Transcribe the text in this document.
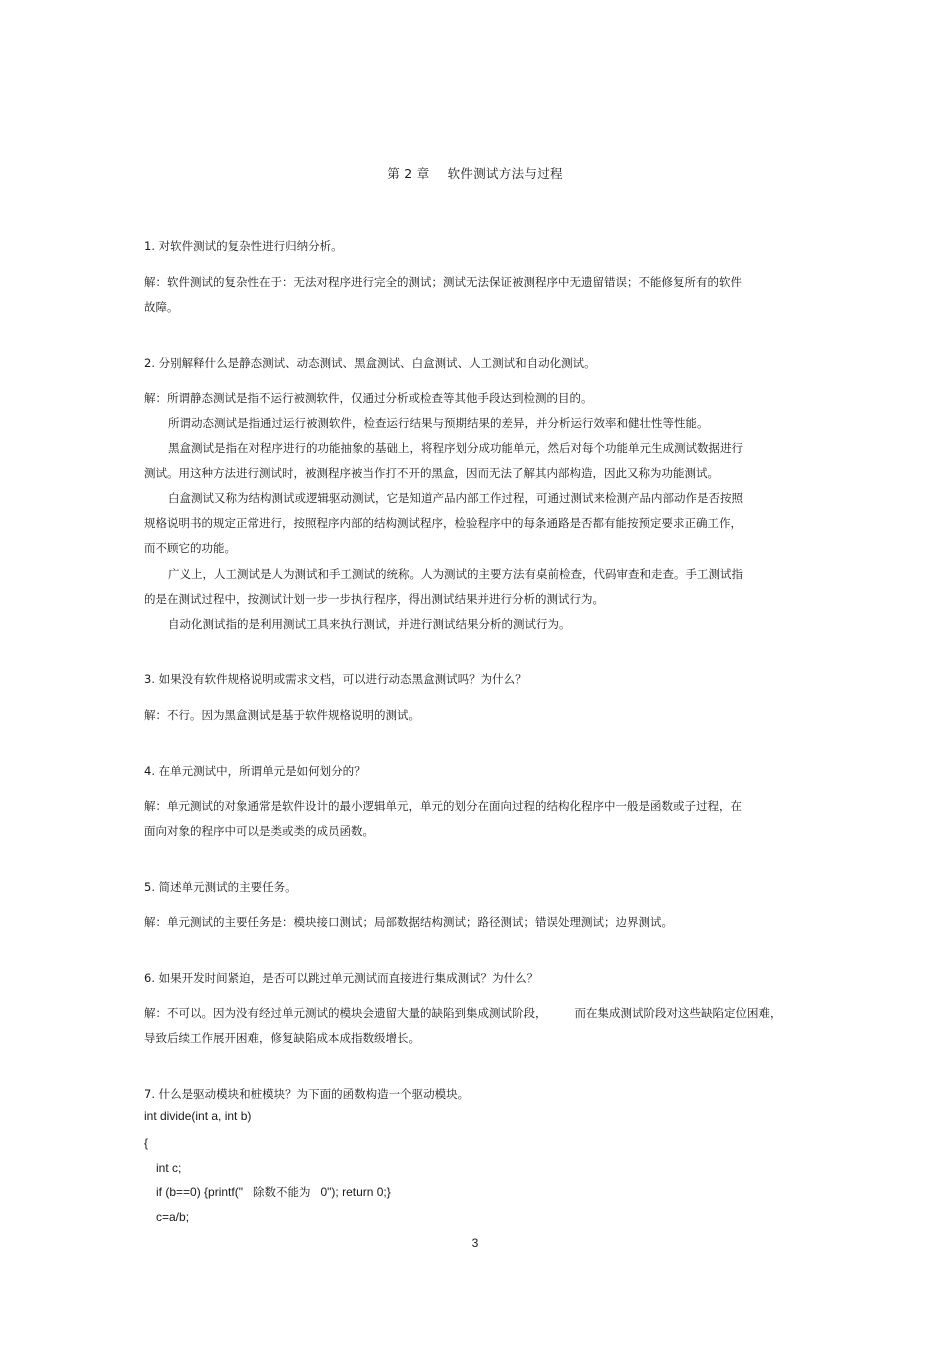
第 2 章 软件测试方法与过程
1. 对软件测试的复杂性进行归纳分析。
解：软件测试的复杂性在于：无法对程序进行完全的测试；测试无法保证被测程序中无遗留错误；不能修复所有的软件
故障。
2. 分别解释什么是静态测试、动态测试、黑盒测试、白盒测试、人工测试和自动化测试。
解：所谓静态测试是指不运行被测软件，仅通过分析或检查等其他手段达到检测的目的。
所谓动态测试是指通过运行被测软件，检查运行结果与预期结果的差异，并分析运行效率和健壮性等性能。
黑盒测试是指在对程序进行的功能抽象的基础上，将程序划分成功能单元，然后对每个功能单元生成测试数据进行
测试。用这种方法进行测试时，被测程序被当作打不开的黑盒，因而无法了解其内部构造，因此又称为功能测试。
白盒测试又称为结构测试或逻辑驱动测试，它是知道产品内部工作过程，可通过测试来检测产品内部动作是否按照
规格说明书的规定正常进行，按照程序内部的结构测试程序，检验程序中的每条通路是否都有能按预定要求正确工作，
而不顾它的功能。
广义上，人工测试是人为测试和手工测试的统称。人为测试的主要方法有桌前检查，代码审查和走查。手工测试指
的是在测试过程中，按测试计划一步一步执行程序，得出测试结果并进行分析的测试行为。
自动化测试指的是利用测试工具来执行测试，并进行测试结果分析的测试行为。
3. 如果没有软件规格说明或需求文档，可以进行动态黑盒测试吗？为什么？
解：不行。因为黑盒测试是基于软件规格说明的测试。
4. 在单元测试中，所谓单元是如何划分的？
解：单元测试的对象通常是软件设计的最小逻辑单元，单元的划分在面向过程的结构化程序中一般是函数或子过程，在
面向对象的程序中可以是类或类的成员函数。
5. 简述单元测试的主要任务。
解：单元测试的主要任务是：模块接口测试；局部数据结构测试；路径测试；错误处理测试；边界测试。
6. 如果开发时间紧迫，是否可以跳过单元测试而直接进行集成测试？为什么？
解：不可以。因为没有经过单元测试的模块会遗留大量的缺陷到集成测试阶段， 而在集成测试阶段对这些缺陷定位困难，
导致后续工作展开困难，修复缺陷成本成指数级增长。
7. 什么是驱动模块和桩模块？为下面的函数构造一个驱动模块。
int divide(int a, int b)
{
int c;
if (b==0) {printf(" 除数不能为 0"); return 0;}
c=a/b;
3
